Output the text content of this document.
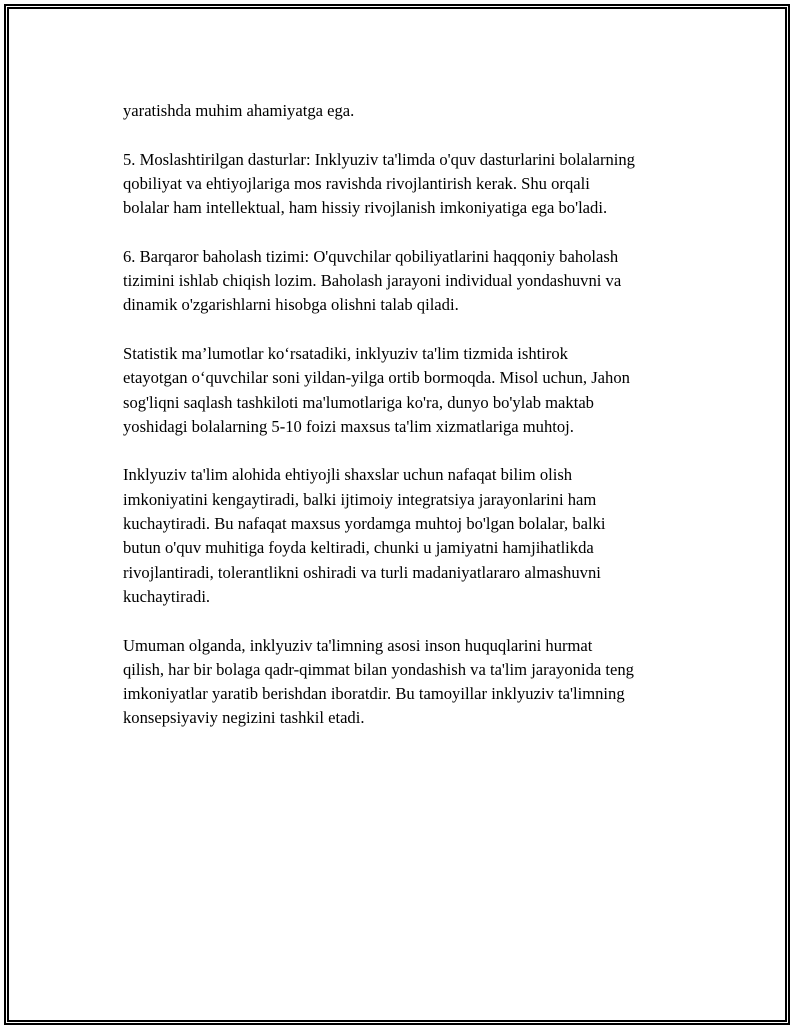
yaratishda muhim ahamiyatga ega.

5. Moslashtirilgan dasturlar: Inklyuziv ta'limda o'quv dasturlarini bolalarning
qobiliyat va ehtiyojlariga mos ravishda rivojlantirish kerak. Shu orqali
bolalar ham intellektual, ham hissiy rivojlanish imkoniyatiga ega bo'ladi.

6. Barqaror baholash tizimi: O'quvchilar qobiliyatlarini haqqoniy baholash
tizimini ishlab chiqish lozim. Baholash jarayoni individual yondashuvni va
dinamik o'zgarishlarni hisobga olishni talab qiladi.

Statistik ma’lumotlar ko‘rsatadiki, inklyuziv ta'lim tizmida ishtirok
etayotgan o‘quvchilar soni yildan-yilga ortib bormoqda. Misol uchun, Jahon
sog'liqni saqlash tashkiloti ma'lumotlariga ko'ra, dunyo bo'ylab maktab
yoshidagi bolalarning 5-10 foizi maxsus ta'lim xizmatlariga muhtoj.

Inklyuziv ta'lim alohida ehtiyojli shaxslar uchun nafaqat bilim olish
imkoniyatini kengaytiradi, balki ijtimoiy integratsiya jarayonlarini ham
kuchaytiradi. Bu nafaqat maxsus yordamga muhtoj bo'lgan bolalar, balki
butun o'quv muhitiga foyda keltiradi, chunki u jamiyatni hamjihatlikda
rivojlantiradi, tolerantlikni oshiradi va turli madaniyatlararo almashuvni
kuchaytiradi.

Umuman olganda, inklyuziv ta'limning asosi inson huquqlarini hurmat
qilish, har bir bolaga qadr-qimmat bilan yondashish va ta'lim jarayonida teng
imkoniyatlar yaratib berishdan iboratdir. Bu tamoyillar inklyuziv ta'limning
konsepsiyaviy negizini tashkil etadi.
